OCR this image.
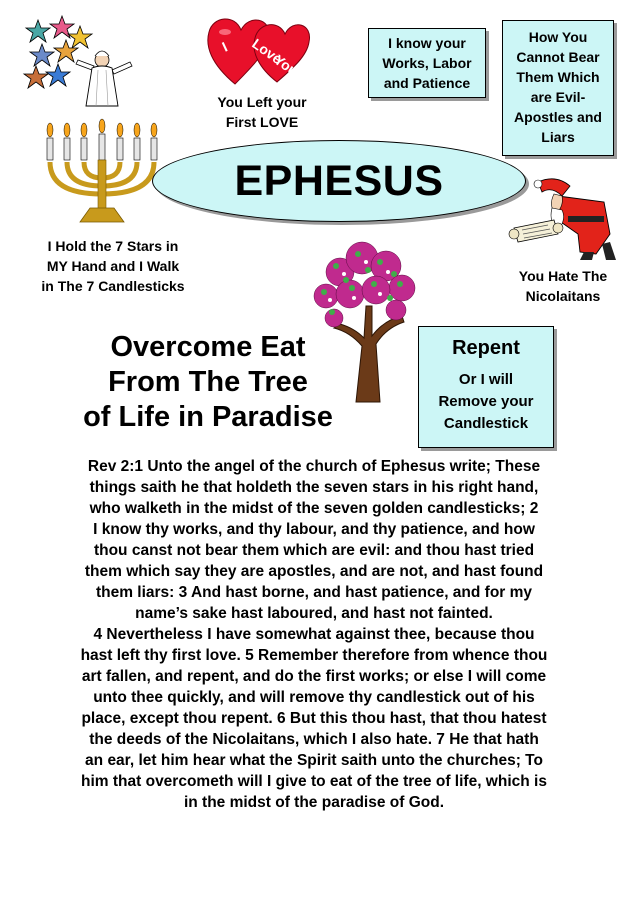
I Love
You
You Left your
First LOVE
I know your
Works, Labor
and Patience
How You
Cannot Bear
Them Which
are Evil-
Apostles and
Liars
EPHESUS
I Hold the 7 Stars in
MY Hand and I Walk
in The 7 Candlesticks
You Hate The
Nicolaitans
Overcome Eat
From The Tree
of Life in Paradise
Repent
Or I will
Remove your
Candlestick

Rev 2:1 Unto the angel of the church of Ephesus write; These

things saith he that holdeth the seven stars in his right hand,

who walketh in the midst of the seven golden candlesticks; 2

I know thy works, and thy labour, and thy patience, and how

thou canst not bear them which are evil: and thou hast tried

them which say they are apostles, and are not, and hast found

them liars: 3 And hast borne, and hast patience, and for my

name’s sake hast laboured, and hast not fainted.

4 Nevertheless I have somewhat against thee, because thou

hast left thy first love. 5 Remember therefore from whence thou

art fallen, and repent, and do the first works; or else I will come

unto thee quickly, and will remove thy candlestick out of his

place, except thou repent. 6 But this thou hast, that thou hatest

the deeds of the Nicolaitans, which I also hate. 7 He that hath

an ear, let him hear what the Spirit saith unto the churches; To

him that overcometh will I give to eat of the tree of life, which is

in the midst of the paradise of God.
